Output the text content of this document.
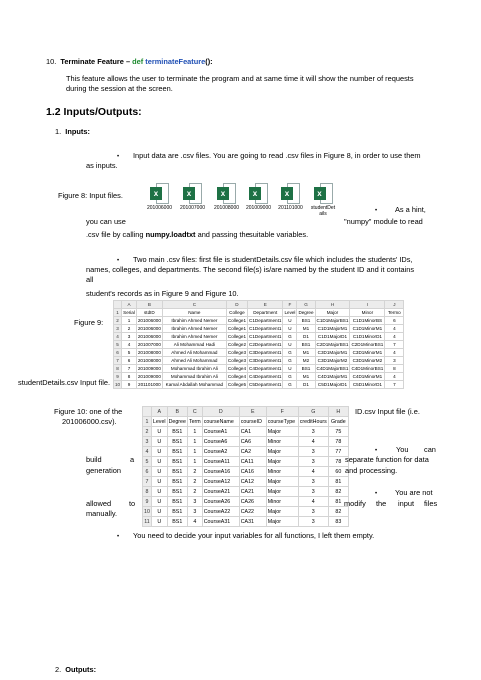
10. Terminate Feature – def terminateFeature():
This feature allows the user to terminate the program and at same time it will show the number of requests
during the session at the screen.
1.2 Inputs/Outputs:
1. Inputs:
• Input data are .csv files. You are going to read .csv files in Figure 8, in order to use them
as inputs.
Figure 8: Input files.	x
201006000
x
201007000
x
201008000
x
201009000
x
201101000
x
studentDet ails	• As a hint,
you can use	"numpy" module to read
.csv file by calling numpy.loadtxt and passing the suitable variables.
• Two main .csv files: first file is studentDetails.csv file which includes the students' IDs,
names, colleges, and departments. The second file(s) is/are named by the student ID and it contains
all
student's records as in Figure 9 and Figure 10.
Figure 9:
	A	B	C	D	E	F	G	H	I	J
1	Serial	stdID	Name	College	Department	Level	Degree	Major	Minor	Termo
2	1	201006000	Ibrahim Ahmed Nemer	College1	C1Department1	U	BS1	C1D1MajorBS1	C1D1MinorBS	6
3	2	201006000	Ibrahim Ahmed Nemer	College1	C1Department1	U	M1	C1D1MajorM1	C1D1MinorM1	4
4	3	201006000	Ibrahim Ahmed Nemer	College1	C1Department1	G	D1	C1D1MajorD1	C1D1MinorD1	4
5	4	201007000	Ali Mohammad Hadi	College2	C2Department1	U	BS1	C2D1MajorBS1	C2D1MinorBS1	7
6	5	201008000	Ahmed Ali Mohammad	College3	C3Department1	G	M1	C3D1MajorM1	C3D1MinorM1	4
7	6	201008000	Ahmed Ali Mohammad	College3	C3Department1	G	M2	C3D1MajorM2	C3D1MinorM2	3
8	7	201009000	Mohammad Ibrahim Ali	College4	C4Department1	U	BS1	C4D1MajorBS1	C4D1MinorBS1	8
9	8	201009000	Mohammad Ibrahim Ali	College4	C4Department1	G	M1	C4D1MajorM1	C4D1MinorM1	4
10	9	201101000	Kamal Abdallah Mohammad	College5	C5Department1	G	D1	C5D1MajorD1	C5D1MinorD1	7
studentDetails.csv Input file.
Figure 10: one of the
201006000.csv).
ID.csv Input file (i.e.
	A	B	C	D	E	F	G	H
1	Level	Degree	Term	courseName	courseID	courseType	creditHours	Grade
2	U	BS1	1	CourseA1	CA1	Major	3	75
3	U	BS1	1	CourseA6	CA6	Minor	4	78
4	U	BS1	1	CourseA2	CA2	Major	3	77
5	U	BS1	1	CourseA11	CA11	Major	3	78
6	U	BS1	2	CourseA16	CA16	Minor	4	60
7	U	BS1	2	CourseA12	CA12	Major	3	81
8	U	BS1	2	CourseA21	CA21	Major	3	82
9	U	BS1	3	CourseA26	CA26	Minor	4	81
10	U	BS1	3	CourseA22	CA22	Major	3	82
11	U	BS1	4	CourseA31	CA31	Major	3	83
•	You can
build	a	separate function for data
generation	and processing.
• You are not
allowed to	modify the input files
manually.
• You need to decide your input variables for all functions, I left them empty.
2. Outputs:
